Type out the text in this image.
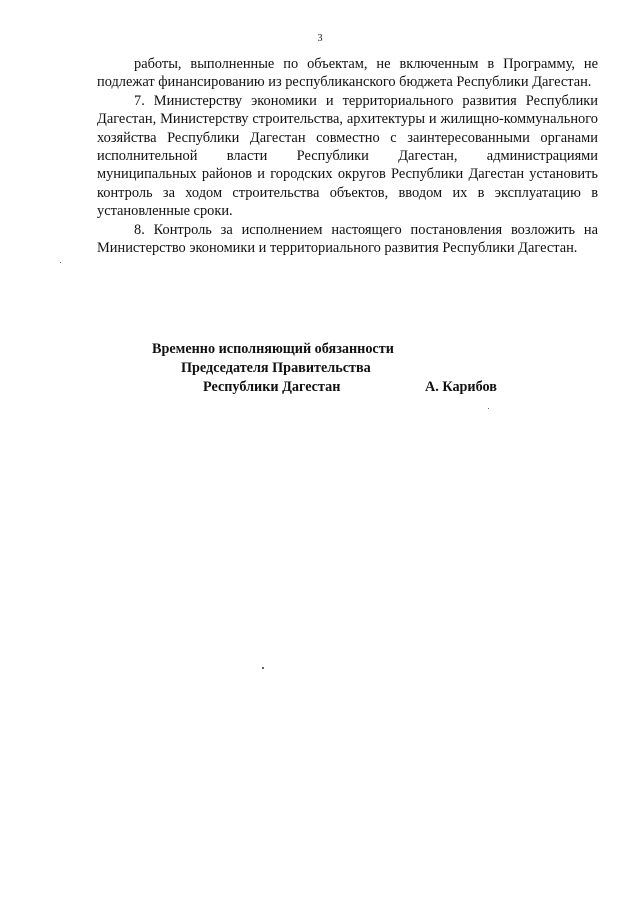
3

работы, выполненные по объектам, не включенным в Программу, не подлежат финансированию из республиканского бюджета Республики Дагестан.

7. Министерству экономики и территориального развития Республики Дагестан, Министерству строительства, архитектуры и жилищно-коммунального хозяйства Республики Дагестан совместно с заинтересованными органами исполнительной власти Республики Дагестан, администрациями муниципальных районов и городских округов Республики Дагестан установить контроль за ходом строительства объектов, вводом их в эксплуатацию в установленные сроки.

8. Контроль за исполнением настоящего постановления возложить на Министерство экономики и территориального развития Республики Дагестан.

Временно исполняющий обязанности
Председателя Правительства
Республики Дагестан	А. Карибов
